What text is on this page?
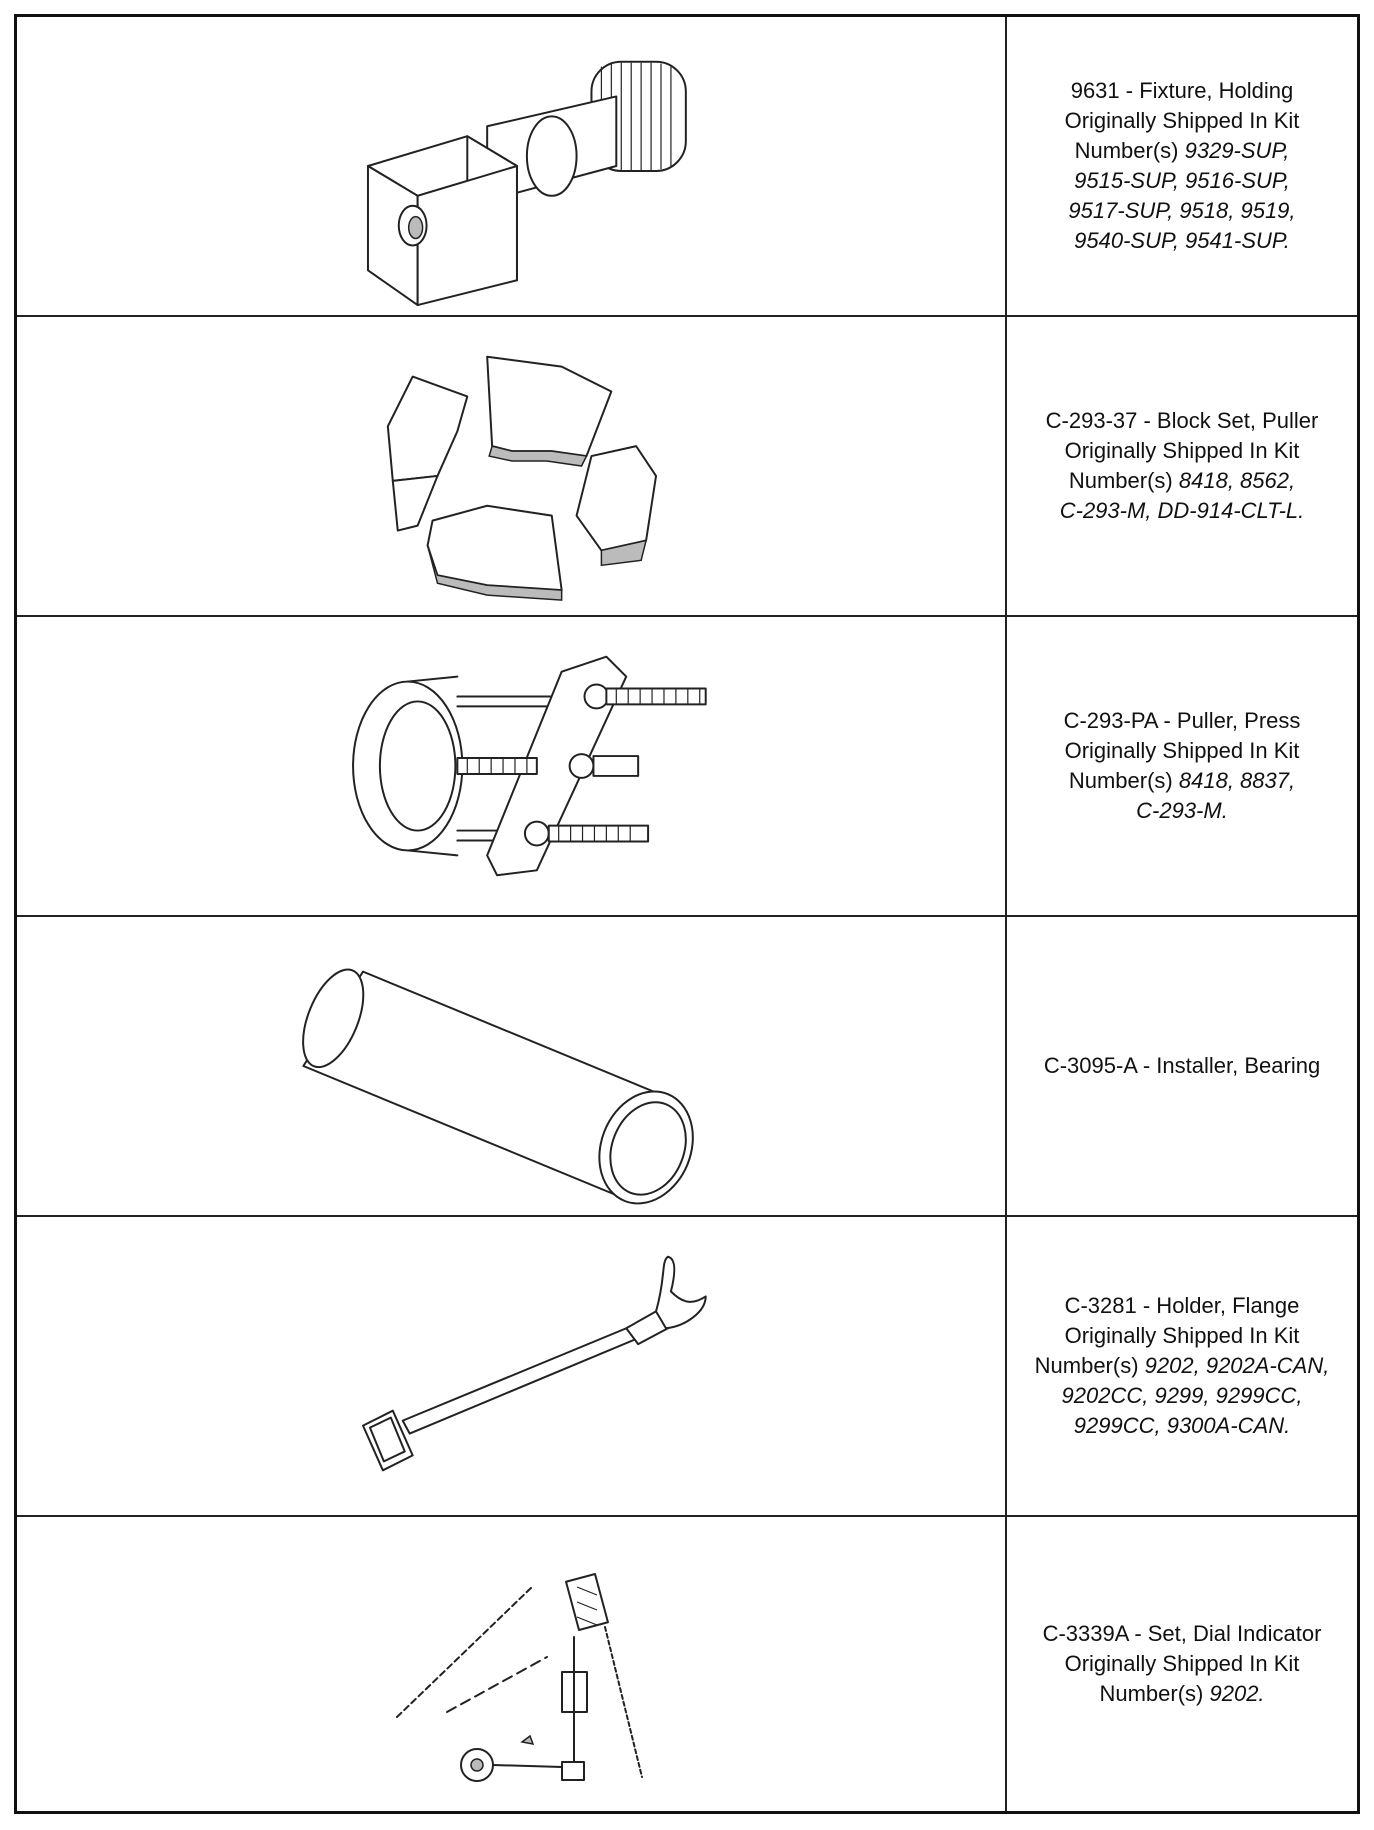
9631 - Fixture, Holding
Originally Shipped In Kit
Number(s) 9329-SUP,
9515-SUP, 9516-SUP,
9517-SUP, 9518, 9519,
9540-SUP, 9541-SUP.
C-293-37 - Block Set, Puller
Originally Shipped In Kit
Number(s) 8418, 8562,
C-293-M, DD-914-CLT-L.
C-293-PA - Puller, Press
Originally Shipped In Kit
Number(s) 8418, 8837,
C-293-M.
C-3095-A - Installer, Bearing
C-3281 - Holder, Flange
Originally Shipped In Kit
Number(s) 9202, 9202A-CAN,
9202CC, 9299, 9299CC,
9299CC, 9300A-CAN.
C-3339A - Set, Dial Indicator
Originally Shipped In Kit
Number(s) 9202.
